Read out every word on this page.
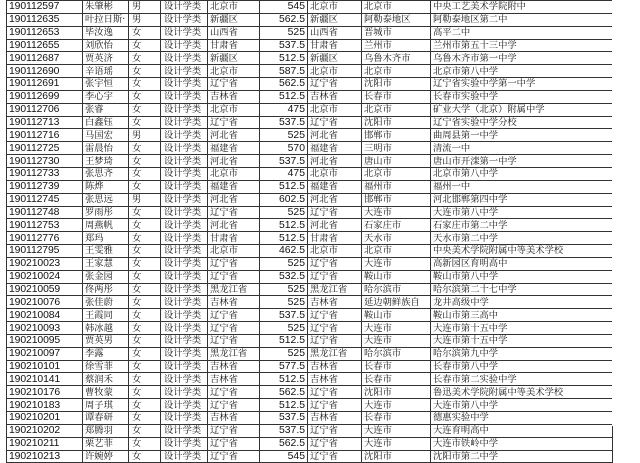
190112597	朱肇彬	男	设计学类	北京市	545	北京市	北京市	中央工艺美术学院附中
190112635	叶拉日斯·	男	设计学类	新疆区	562.5	新疆区	阿勒泰地区	阿勒泰地区第二中
190112653	毕汝逸	女	设计学类	山西省	525	山西省	晋城市	高平二中
190112655	刘欣怡	女	设计学类	甘肃省	537.5	甘肃省	兰州市	兰州市第五十三中学
190112687	贾英济	女	设计学类	新疆区	512.5	新疆区	乌鲁木齐市	乌鲁木齐市第一中学
190112690	辛语瑶	女	设计学类	北京市	587.5	北京市	北京市	北京市第八中学
190112691	张宇恒	女	设计学类	辽宁省	562.5	辽宁省	沈阳市	辽宁省实验中学第一中学
190112699	李心宇	女	设计学类	吉林省	512.5	吉林省	长春市	长春市实验中学
190112706	张睿	女	设计学类	北京市	475	北京市	北京市	矿业大学（北京）附属中学
190112713	白鑫钰	女	设计学类	辽宁省	537.5	辽宁省	沈阳市	辽宁省实验中学分校
190112716	马国宏	男	设计学类	河北省	525	河北省	邯郸市	曲周县第一中学
190112725	雷晨怡	女	设计学类	福建省	570	福建省	三明市	清流一中
190112730	王梦琦	女	设计学类	河北省	537.5	河北省	唐山市	唐山市开滦第一中学
190112733	张思齐	女	设计学类	北京市	475	北京市	北京市	北京市第八中学
190112739	陈烨	女	设计学类	福建省	512.5	福建省	福州市	福州一中
190112745	张思远	男	设计学类	河北省	602.5	河北省	邯郸市	河北邯郸第四中学
190112748	罗雨彤	女	设计学类	辽宁省	525	辽宁省	大连市	大连市第八中学
190112753	周燕帆	女	设计学类	河北省	512.5	河北省	石家庄市	石家庄市第二中学
190112776	郑玛	女	设计学类	甘肃省	512.5	甘肃省	天水市	天水市第二中学
190112795	王雯雅	女	设计学类	北京市	462.5	北京市	北京市	中央美术学院附属中等美术学校
190210023	王家慧	女	设计学类	辽宁省	525	辽宁省	大连市	高新园区育明高中
190210024	张金园	女	设计学类	辽宁省	532.5	辽宁省	鞍山市	鞍山市第八中学
190210059	佟两彤	女	设计学类	黑龙江省	525	黑龙江省	哈尔滨市	哈尔滨第二十七中学
190210076	张佳蔚	女	设计学类	吉林省	525	吉林省	延边朝鲜族自	龙井高级中学
190210084	王霞同	女	设计学类	辽宁省	537.5	辽宁省	鞍山市	鞍山市第三高中
190210093	韩冰越	女	设计学类	辽宁省	525	辽宁省	大连市	大连市第十五中学
190210095	贾英男	女	设计学类	辽宁省	512.5	辽宁省	大连市	大连市第十五中学
190210097	李露	女	设计学类	黑龙江省	525	黑龙江省	哈尔滨市	哈尔滨第九中学
190210101	徐雪菲	女	设计学类	吉林省	577.5	吉林省	长春市	长春市第八中学
190210141	蔡润禾	女	设计学类	吉林省	512.5	吉林省	长春市	长春市第二实验中学
190210176	曹牧蒙	女	设计学类	辽宁省	562.5	辽宁省	沈阳市	鲁迅美术学院附属中等美术学校
190210183	周子琪	女	设计学类	辽宁省	512.5	辽宁省	大连市	大连市第八中学
190210201	谭春研	女	设计学类	吉林省	537.5	吉林省	长春市	德惠实验中学
190210202	郑腾羽	女	设计学类	辽宁省	537.5	辽宁省	大连市	大连育明高中
190210211	栗艺菲	女	设计学类	辽宁省	562.5	辽宁省	大连市	大连市铁岭中学
190210213	许婉婷	女	设计学类	辽宁省	545	辽宁省	沈阳市	沈阳市第二中学
